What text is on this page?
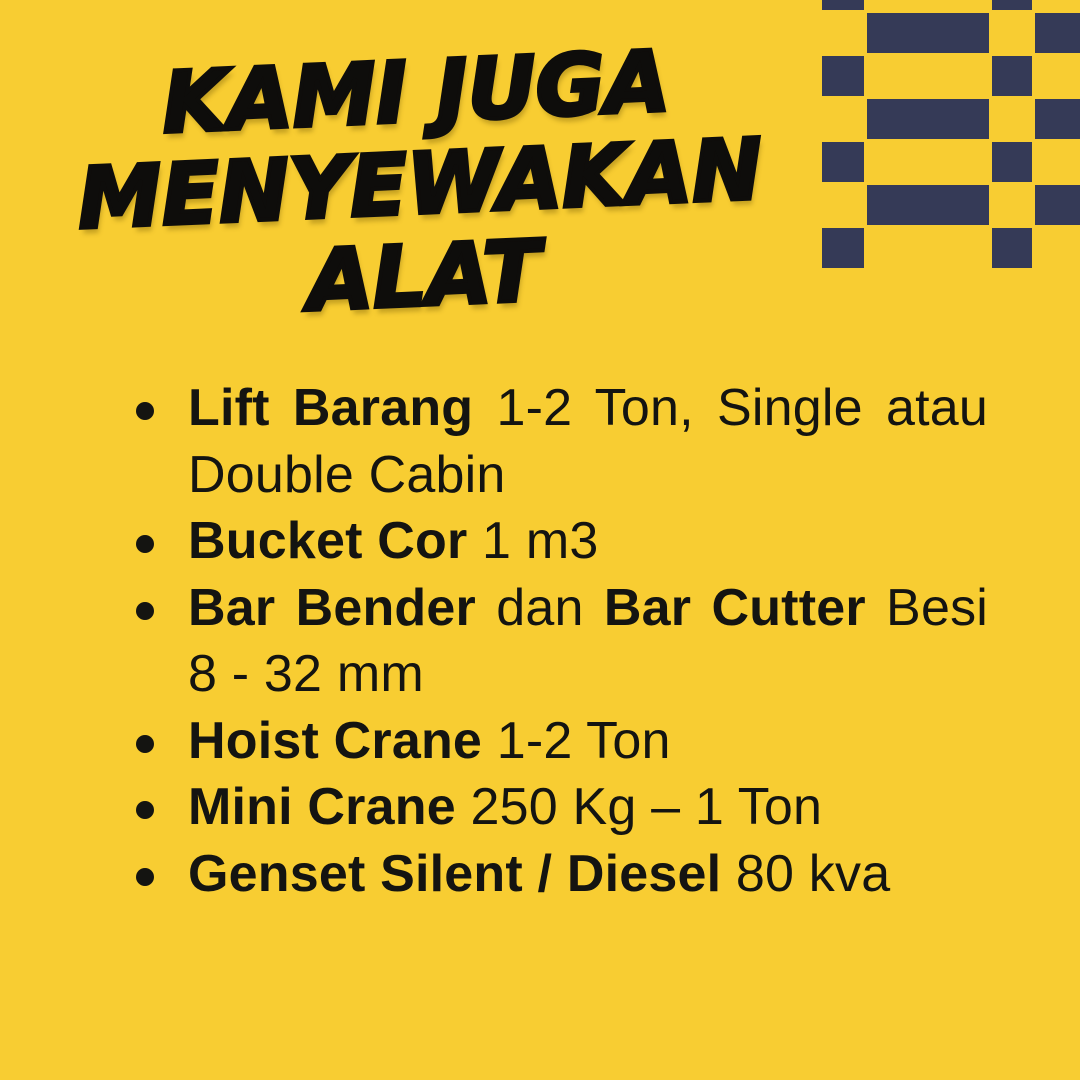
KAMI JUGA
MENYEWAKAN
ALAT
Lift Barang 1-2 Ton, Single atau Double Cabin
Bucket Cor 1 m3
Bar Bender dan Bar Cutter Besi 8 - 32 mm
Hoist Crane 1-2 Ton
Mini Crane 250 Kg – 1 Ton
Genset Silent / Diesel 80 kva
